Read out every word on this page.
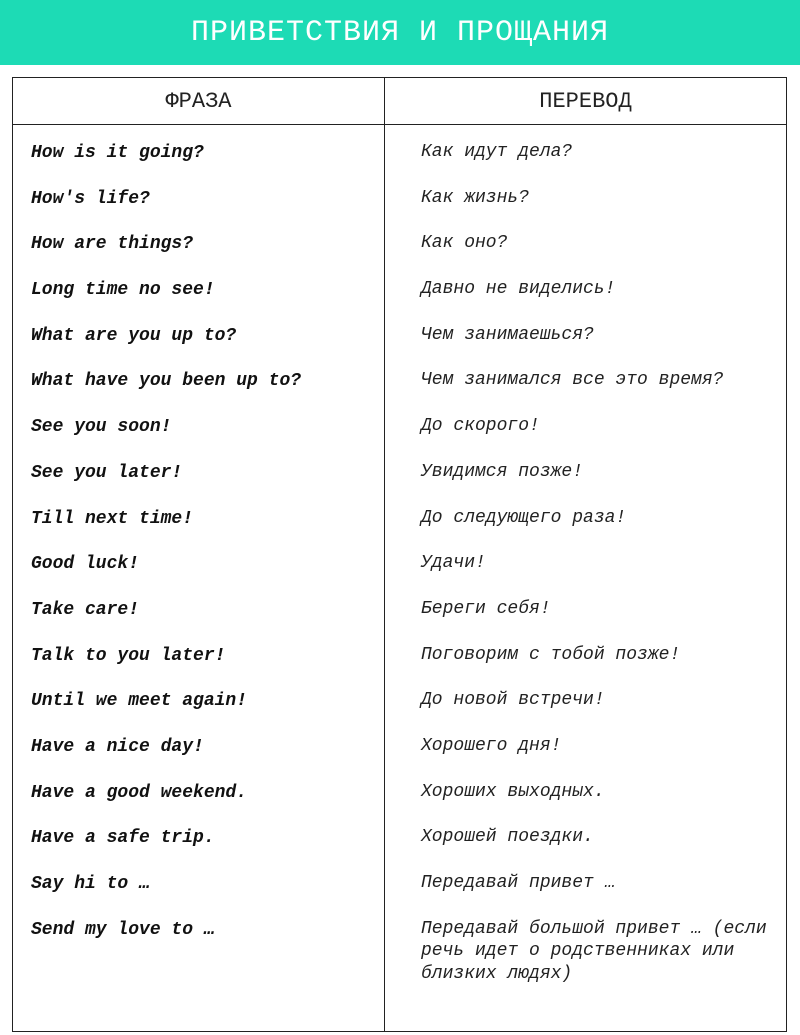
ПРИВЕТСТВИЯ И ПРОЩАНИЯ
ФРАЗА	ПЕРЕВОД
How is it going?	Как идут дела?
How's life?	Как жизнь?
How are things?	Как оно?
Long time no see!	Давно не виделись!
What are you up to?	Чем занимаешься?
What have you been up to?	Чем занимался все это время?
See you soon!	До скорого!
See you later!	Увидимся позже!
Till next time!	До следующего раза!
Good luck!	Удачи!
Take care!	Береги себя!
Talk to you later!	Поговорим с тобой позже!
Until we meet again!	До новой встречи!
Have a nice day!	Хорошего дня!
Have a good weekend.	Хороших выходных.
Have a safe trip.	Хорошей поездки.
Say hi to …	Передавай привет …
Send my love to …	Передавай большой привет … (если речь идет о родственниках или близких людях)
